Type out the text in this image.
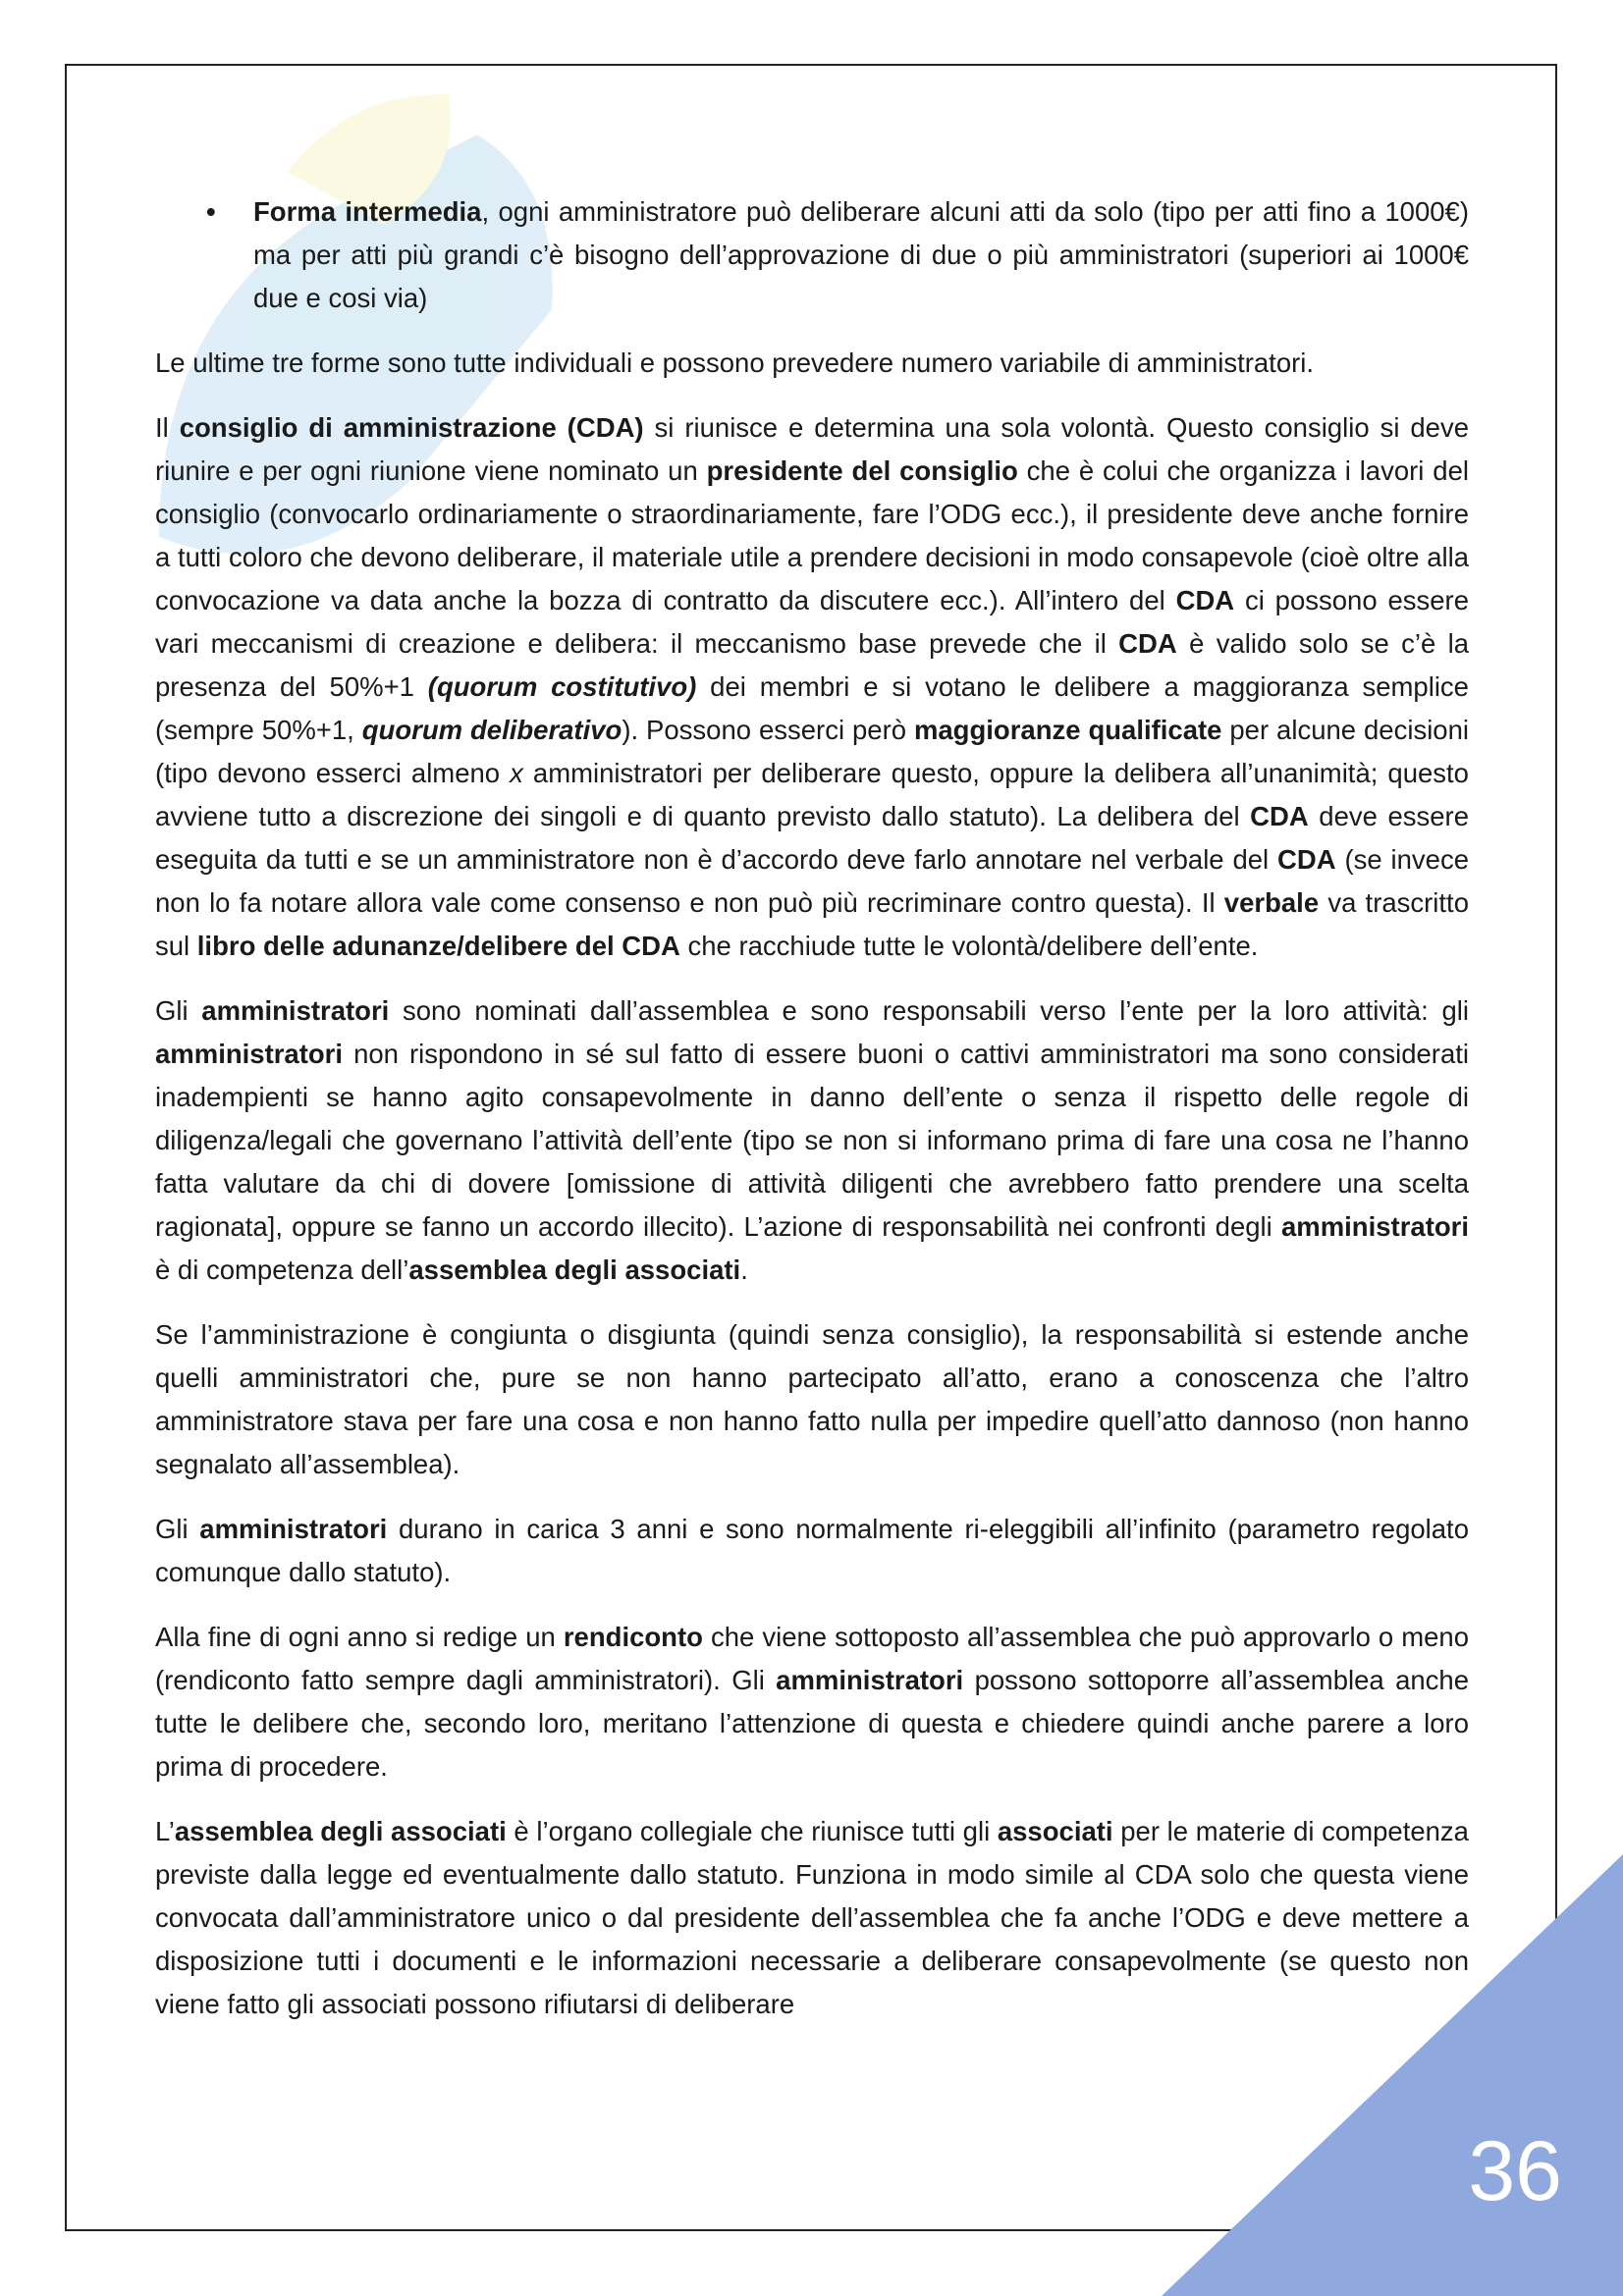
36
• Forma intermedia, ogni amministratore può deliberare alcuni atti da solo (tipo per atti fino a 1000€) ma per atti più grandi c’è bisogno dell’approvazione di due o più amministratori (superiori ai 1000€ due e cosi via)

Le ultime tre forme sono tutte individuali e possono prevedere numero variabile di amministratori.

Il consiglio di amministrazione (CDA) si riunisce e determina una sola volontà. Questo consiglio si deve riunire e per ogni riunione viene nominato un presidente del consiglio che è colui che organizza i lavori del consiglio (convocarlo ordinariamente o straordinariamente, fare l’ODG ecc.), il presidente deve anche fornire a tutti coloro che devono deliberare, il materiale utile a prendere decisioni in modo consapevole (cioè oltre alla convocazione va data anche la bozza di contratto da discutere ecc.). All’intero del CDA ci possono essere vari meccanismi di creazione e delibera: il meccanismo base prevede che il CDA è valido solo se c’è la presenza del 50%+1 (quorum costitutivo) dei membri e si votano le delibere a maggioranza semplice (sempre 50%+1, quorum deliberativo). Possono esserci però maggioranze qualificate per alcune decisioni (tipo devono esserci almeno x amministratori per deliberare questo, oppure la delibera all’unanimità; questo avviene tutto a discrezione dei singoli e di quanto previsto dallo statuto). La delibera del CDA deve essere eseguita da tutti e se un amministratore non è d’accordo deve farlo annotare nel verbale del CDA (se invece non lo fa notare allora vale come consenso e non può più recriminare contro questa). Il verbale va trascritto sul libro delle adunanze/delibere del CDA che racchiude tutte le volontà/delibere dell’ente.

Gli amministratori sono nominati dall’assemblea e sono responsabili verso l’ente per la loro attività: gli amministratori non rispondono in sé sul fatto di essere buoni o cattivi amministratori ma sono considerati inadempienti se hanno agito consapevolmente in danno dell’ente o senza il rispetto delle regole di diligenza/legali che governano l’attività dell’ente (tipo se non si informano prima di fare una cosa ne l’hanno fatta valutare da chi di dovere [omissione di attività diligenti che avrebbero fatto prendere una scelta ragionata], oppure se fanno un accordo illecito). L’azione di responsabilità nei confronti degli amministratori è di competenza dell’assemblea degli associati.

Se l’amministrazione è congiunta o disgiunta (quindi senza consiglio), la responsabilità si estende anche quelli amministratori che, pure se non hanno partecipato all’atto, erano a conoscenza che l’altro amministratore stava per fare una cosa e non hanno fatto nulla per impedire quell’atto dannoso (non hanno segnalato all’assemblea).

Gli amministratori durano in carica 3 anni e sono normalmente ri-eleggibili all’infinito (parametro regolato comunque dallo statuto).

Alla fine di ogni anno si redige un rendiconto che viene sottoposto all’assemblea che può approvarlo o meno (rendiconto fatto sempre dagli amministratori). Gli amministratori possono sottoporre all’assemblea anche tutte le delibere che, secondo loro, meritano l’attenzione di questa e chiedere quindi anche parere a loro prima di procedere.

L’assemblea degli associati è l’organo collegiale che riunisce tutti gli associati per le materie di competenza previste dalla legge ed eventualmente dallo statuto. Funziona in modo simile al CDA solo che questa viene convocata dall’amministratore unico o dal presidente dell’assemblea che fa anche l’ODG e deve mettere a disposizione tutti i documenti e le informazioni necessarie a deliberare consapevolmente (se questo non viene fatto gli associati possono rifiutarsi di deliberare
